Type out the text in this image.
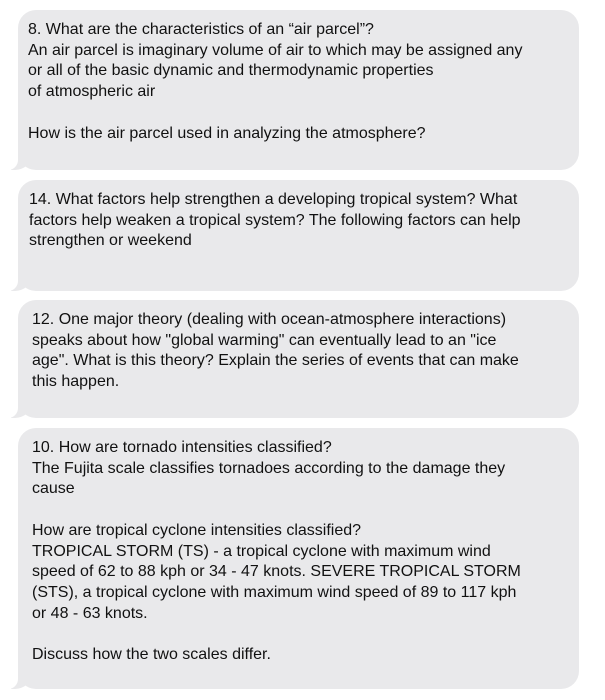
8. What are the characteristics of an “air parcel”?
An air parcel is imaginary volume of air to which may be assigned any
or all of the basic dynamic and thermodynamic properties
of atmospheric air
How is the air parcel used in analyzing the atmosphere?
14. What factors help strengthen a developing tropical system? What
factors help weaken a tropical system? The following factors can help
strengthen or weekend
12. One major theory (dealing with ocean-atmosphere interactions)
speaks about how "global warming" can eventually lead to an "ice
age". What is this theory? Explain the series of events that can make
this happen.
10. How are tornado intensities classified?
The Fujita scale classifies tornadoes according to the damage they
cause
How are tropical cyclone intensities classified?
TROPICAL STORM (TS) - a tropical cyclone with maximum wind
speed of 62 to 88 kph or 34 - 47 knots. SEVERE TROPICAL STORM
(STS), a tropical cyclone with maximum wind speed of 89 to 117 kph
or 48 - 63 knots.
Discuss how the two scales differ.
